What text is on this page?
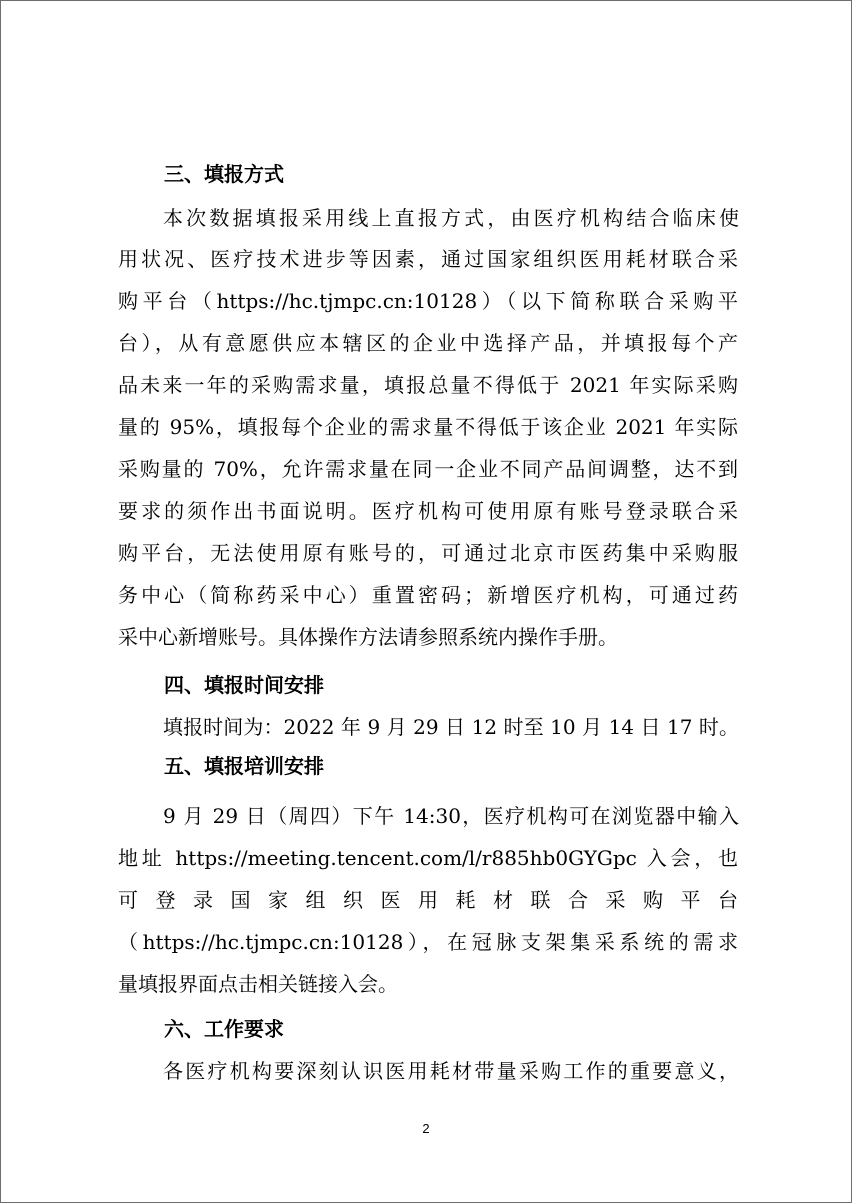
三、填报方式
本次数据填报采用线上直报方式，由医疗机构结合临床使
用状况、医疗技术进步等因素，通过国家组织医用耗材联合采
购平台（https://hc.tjmpc.cn:10128）（以下简称联合采购平
台），从有意愿供应本辖区的企业中选择产品，并填报每个产
品未来一年的采购需求量，填报总量不得低于 2021 年实际采购
量的 95%，填报每个企业的需求量不得低于该企业 2021 年实际
采购量的 70%，允许需求量在同一企业不同产品间调整，达不到
要求的须作出书面说明。医疗机构可使用原有账号登录联合采
购平台，无法使用原有账号的，可通过北京市医药集中采购服
务中心（简称药采中心）重置密码；新增医疗机构，可通过药
采中心新增账号。具体操作方法请参照系统内操作手册。
四、填报时间安排
填报时间为：2022 年 9 月 29 日 12 时至 10 月 14 日 17 时。
五、填报培训安排
9 月 29 日（周四）下午 14:30，医疗机构可在浏览器中输入
地址 https://meeting.tencent.com/l/r885hb0GYGpc 入会，也
可 登 录 国 家 组 织 医 用 耗 材 联 合 采 购 平 台
（https://hc.tjmpc.cn:10128），在冠脉支架集采系统的需求
量填报界面点击相关链接入会。
六、工作要求
各医疗机构要深刻认识医用耗材带量采购工作的重要意义，
2
